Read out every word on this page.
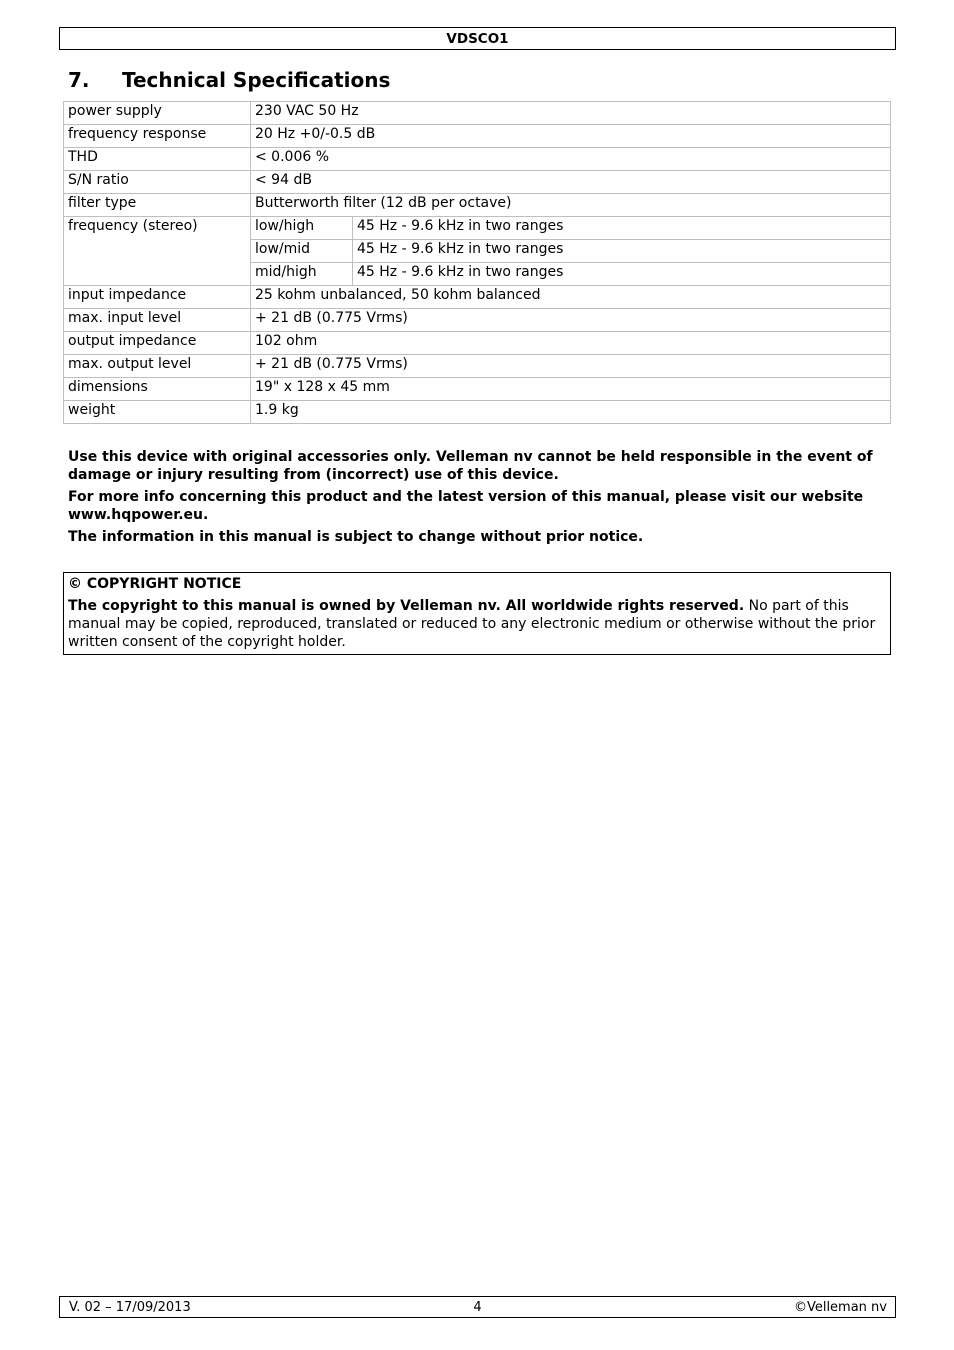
VDSCO1
7. Technical Specifications
power supply	230 VAC 50 Hz	
frequency response	20 Hz +0/-0.5 dB	
THD	< 0.006 %	
S/N ratio	< 94 dB	
filter type	Butterworth filter (12 dB per octave)	
frequency (stereo)	low/high	45 Hz - 9.6 kHz in two ranges
	low/mid	45 Hz - 9.6 kHz in two ranges
	mid/high	45 Hz - 9.6 kHz in two ranges
input impedance	25 kohm unbalanced, 50 kohm balanced	
max. input level	+ 21 dB (0.775 Vrms)	
output impedance	102 ohm	
max. output level	+ 21 dB (0.775 Vrms)	
dimensions	19" x 128 x 45 mm	
weight	1.9 kg	

Use this device with original accessories only. Velleman nv cannot be held responsible in the event of damage or injury resulting from (incorrect) use of this device.

For more info concerning this product and the latest version of this manual, please visit our website www.hqpower.eu.

The information in this manual is subject to change without prior notice.

© COPYRIGHT NOTICE
The copyright to this manual is owned by Velleman nv. All worldwide rights reserved. No part of this manual may be copied, reproduced, translated or reduced to any electronic medium or otherwise without the prior written consent of the copyright holder.
V. 02 – 17/09/2013	4	©Velleman nv
